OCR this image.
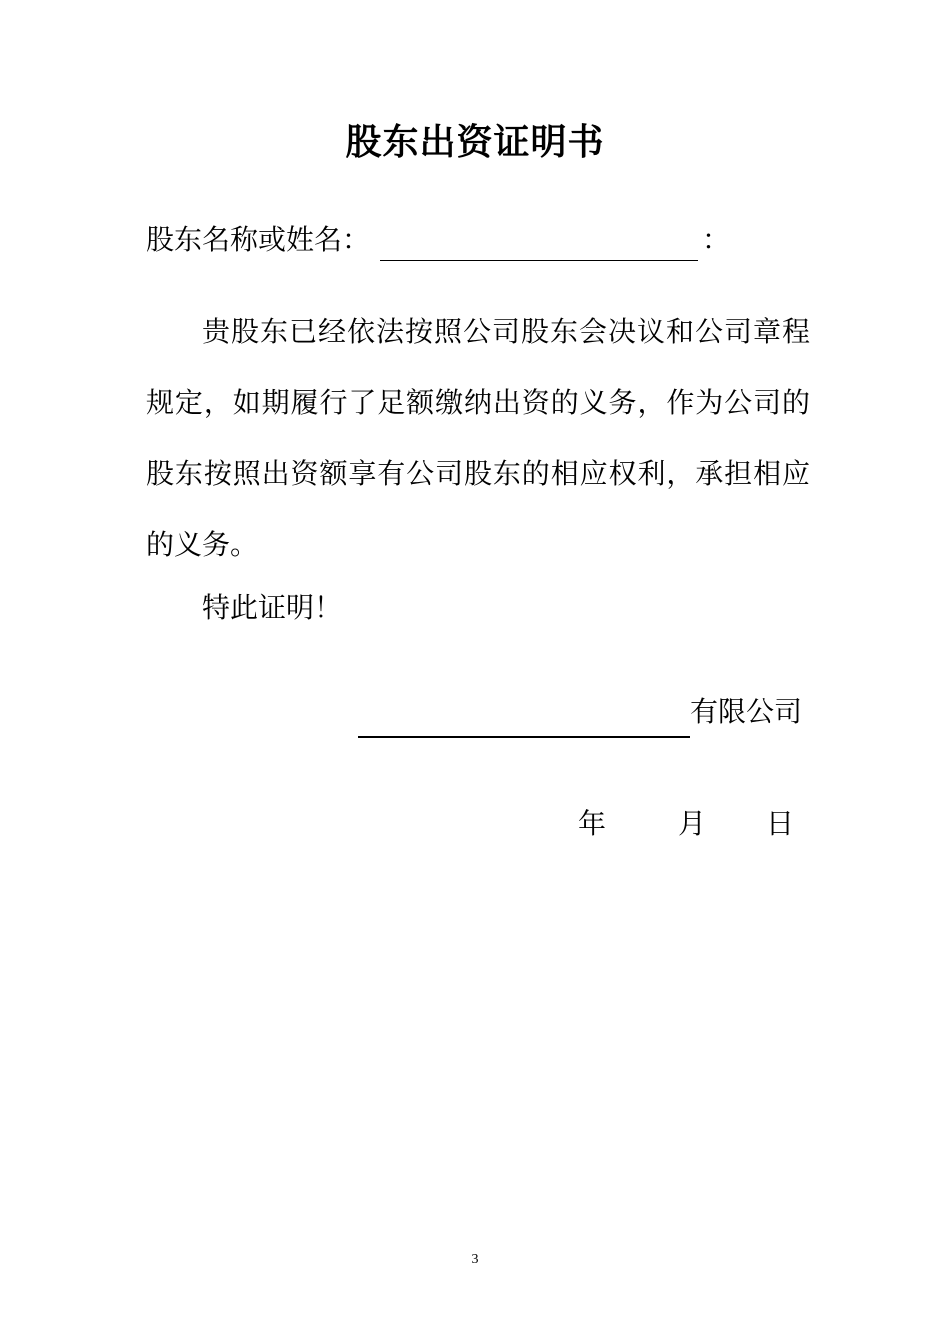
股东出资证明书
股东名称或姓名：	：

贵股东已经依法按照公司股东会决议和公司章程规定，如期履行了足额缴纳出资的义务，作为公司的股东按照出资额享有公司股东的相应权利，承担相应的义务。

特此证明！
有限公司
年	月 日
3
